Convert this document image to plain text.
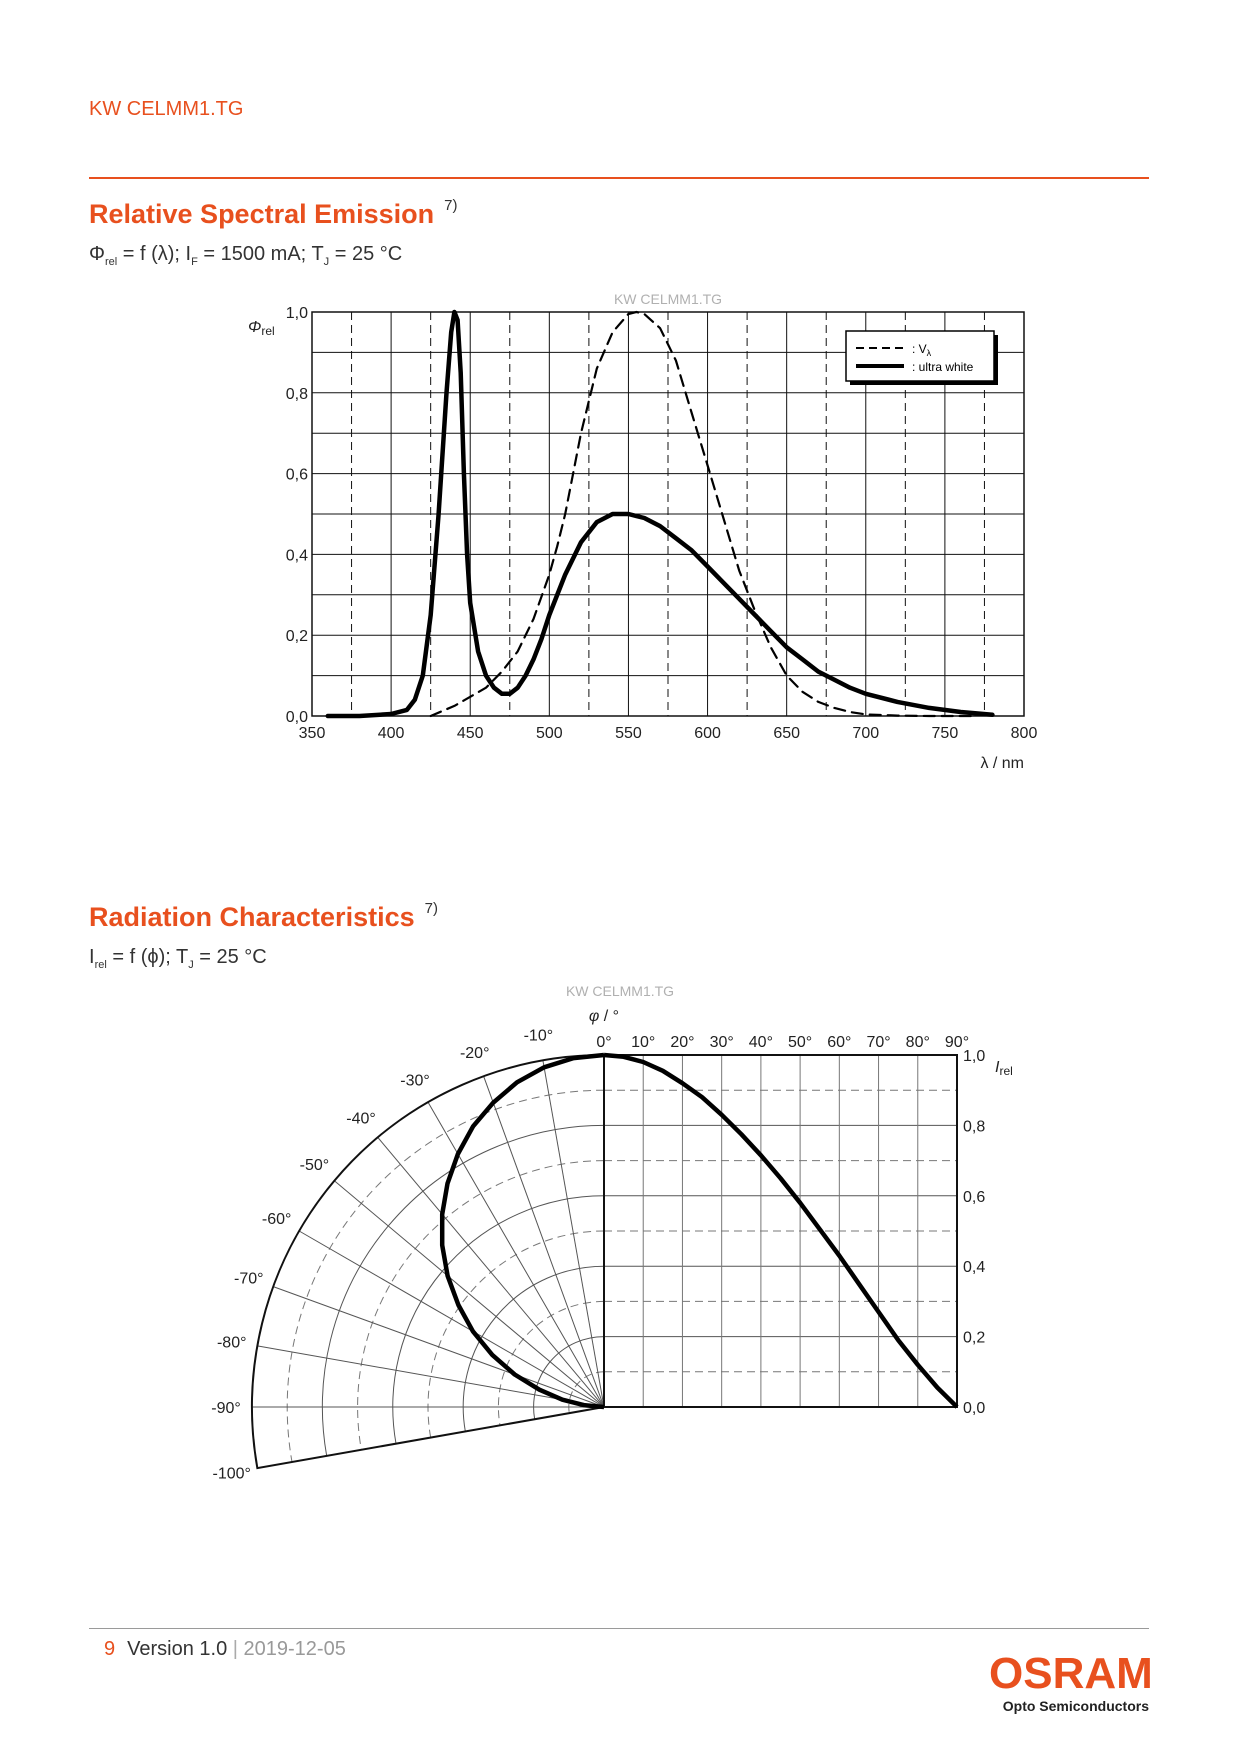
KW CELMM1.TG
Relative Spectral Emission $^{7)}$
$\Phi_{rel} = f$ (λ); $I_F = 1500$ mA; $T_J = 25$ °C
KW CELMM1.TG
350	400	450	500	550	600	650	700	750	800
0,0
0,2
0,4
0,6
0,8
1,0
Φrel
λ / nm
: $V_\lambda$
: ultra white
Radiation Characteristics $^{7)}$
$I_{rel} = f$ (ϕ); $T_J = 25$ °C
KW CELMM1.TG
φ / °
-10°
-20°
-30°
-40°
-50°
-60°
-70°
-80°
-90°
-100°
0° 10° 20° 30° 40° 50° 60° 70° 80° 90°
0,0
0,2
0,4
0,6
0,8
1,0
Irel
9 Version 1.0 | 2019-12-05	OSRAM
Opto Semiconductors
